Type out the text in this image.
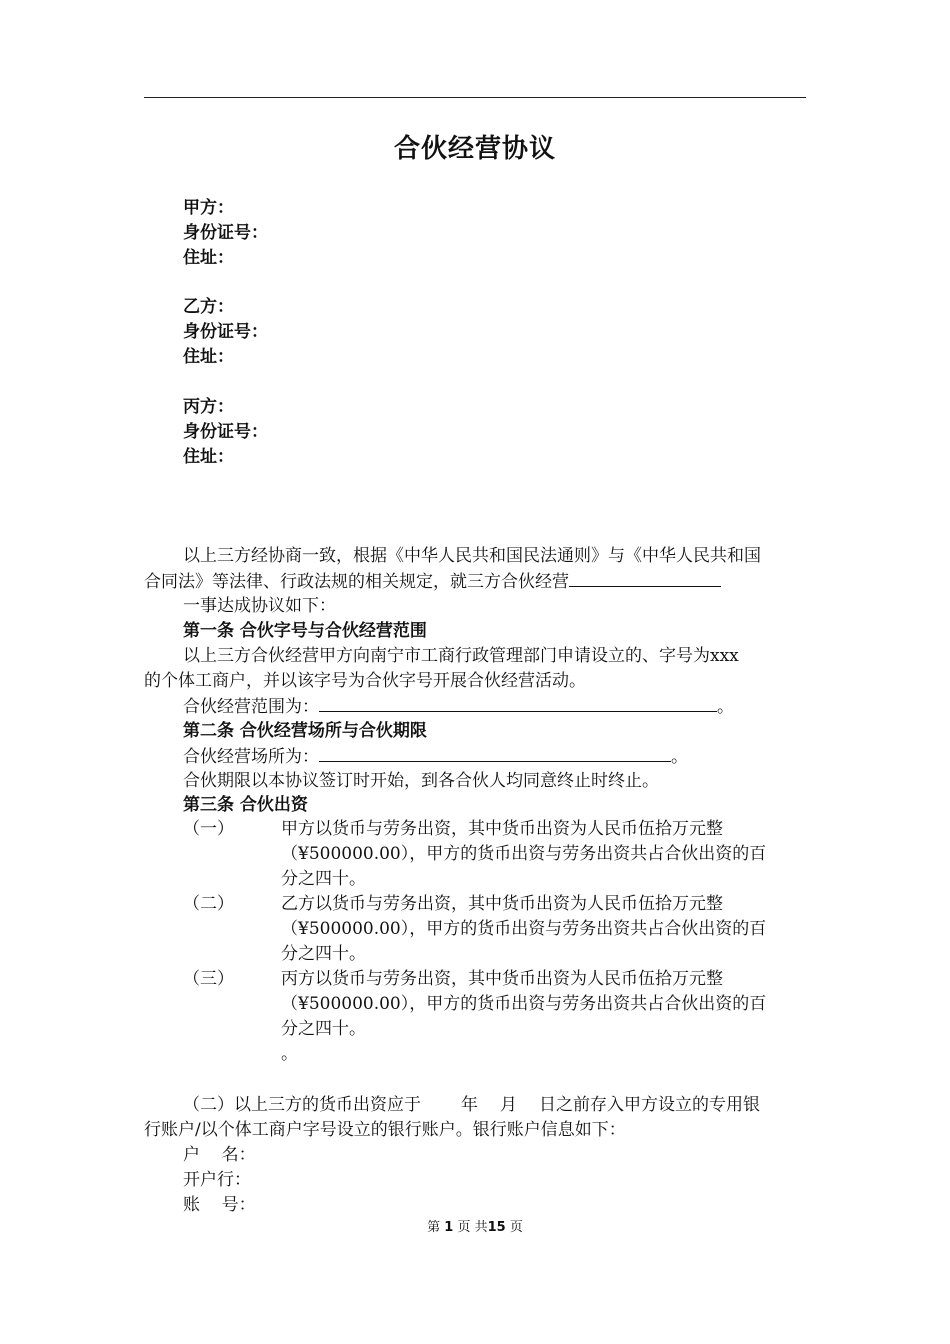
合伙经营协议
甲方：
身份证号：
住址：
乙方：
身份证号：
住址：
丙方：
身份证号：
住址：
以上三方经协商一致，根据《中华人民共和国民法通则》与《中华人民共和国
合同法》等法律、行政法规的相关规定，就三方合伙经营
一事达成协议如下：
第一条 合伙字号与合伙经营范围
以上三方合伙经营甲方向南宁市工商行政管理部门申请设立的、字号为xxx
的个体工商户，并以该字号为合伙字号开展合伙经营活动。
合伙经营范围为：	。
第二条 合伙经营场所与合伙期限
合伙经营场所为：	。
合伙期限以本协议签订时开始，到各合伙人均同意终止时终止。
第三条 合伙出资
（一）	甲方以货币与劳务出资，其中货币出资为人民币伍拾万元整
（¥500000.00），甲方的货币出资与劳务出资共占合伙出资的百
分之四十。
（二）	乙方以货币与劳务出资，其中货币出资为人民币伍拾万元整
（¥500000.00），甲方的货币出资与劳务出资共占合伙出资的百
分之四十。
（三）	丙方以货币与劳务出资，其中货币出资为人民币伍拾万元整
（¥500000.00），甲方的货币出资与劳务出资共占合伙出资的百
分之四十。
。
（二）以上三方的货币出资应于 年 月 日之前存入甲方设立的专用银
行账户/以个体工商户字号设立的银行账户。银行账户信息如下：
户    名：
开户行：
账    号：
第 1 页 共15 页
